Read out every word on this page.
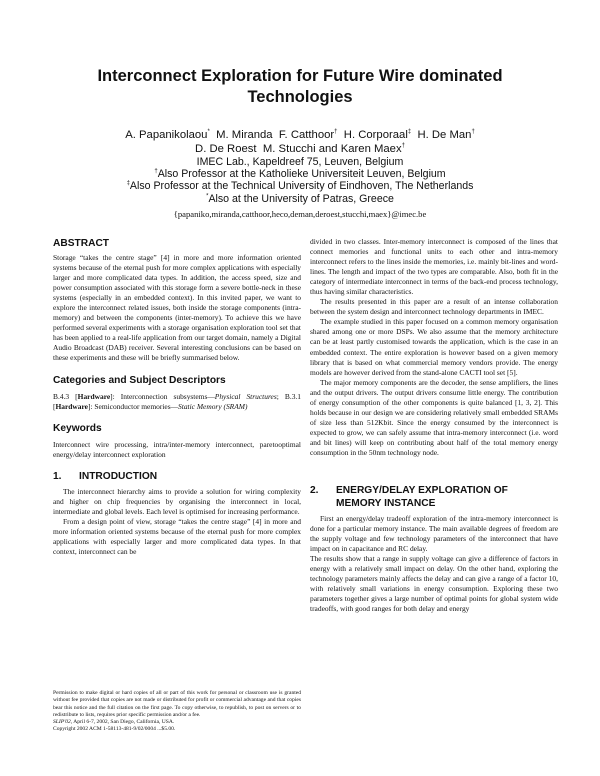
Interconnect Exploration for Future Wire dominated
Technologies
A. Papanikolaou* M. Miranda F. Catthoor† H. Corporaal‡ H. De Man†
D. De Roest M. Stucchi and Karen Maex†
IMEC Lab., Kapeldreef 75, Leuven, Belgium
†Also Professor at the Katholieke Universiteit Leuven, Belgium
‡Also Professor at the Technical University of Eindhoven, The Netherlands
*Also at the University of Patras, Greece
{papaniko,miranda,catthoor,heco,deman,deroest,stucchi,maex}@imec.be
ABSTRACT

Storage “takes the centre stage” [4] in more and more information oriented systems because of the eternal push for more complex applications with especially larger and more complicated data types. In addition, the access speed, size and power consumption associated with this storage form a severe bottle-neck in these systems (especially in an embedded context). In this invited paper, we want to explore the interconnect related issues, both inside the storage components (intra-memory) and between the components (inter-memory). To achieve this we have performed several experiments with a storage organisation exploration tool set that has been applied to a real-life application from our target domain, namely a Digital Audio Broadcast (DAB) receiver. Several interesting conclusions can be based on these experiments and these will be briefly summarised below.

Categories and Subject Descriptors

B.4.3 [Hardware]: Interconnection subsystems—Physical Structures; B.3.1 [Hardware]: Semiconductor memories—Static Memory (SRAM)

Keywords

Interconnect wire processing, intra/inter-memory interconnect, paretooptimal energy/delay interconnect exploration

1. INTRODUCTION

The interconnect hierarchy aims to provide a solution for wiring complexity and higher on chip frequencies by organising the interconnect in local, intermediate and global levels. Each level is optimised for increasing performance.

From a design point of view, storage “takes the centre stage” [4] in more and more information oriented systems because of the eternal push for more complex applications with especially larger and more complicated data types. In that context, interconnect can be

Permission to make digital or hard copies of all or part of this work for personal or classroom use is granted without fee provided that copies are not made or distributed for profit or commercial advantage and that copies bear this notice and the full citation on the first page. To copy otherwise, to republish, to post on servers or to redistribute to lists, requires prior specific permission and/or a fee.

SLIP'02, April 6-7, 2002, San Diego, California, USA.

Copyright 2002 ACM 1-58113-481-9/02/0004 ...$5.00.

divided in two classes. Inter-memory interconnect is composed of the lines that connect memories and functional units to each other and intra-memory interconnect refers to the lines inside the memories, i.e. mainly bit-lines and word-lines. The length and impact of the two types are comparable. Also, both fit in the category of intermediate interconnect in terms of the back-end process technology, thus having similar characteristics.

The results presented in this paper are a result of an intense collaboration between the system design and interconnect technology departments in IMEC.

The example studied in this paper focused on a common memory organisation shared among one or more DSPs. We also assume that the memory architecture can be at least partly customised towards the application, which is the case in an embedded context. The entire exploration is however based on a given memory library that is based on what commercial memory vendors provide. The energy models are however derived from the stand-alone CACTI tool set [5].

The major memory components are the decoder, the sense amplifiers, the lines and the output drivers. The output drivers consume little energy. The contribution of energy consumption of the other components is quite balanced [1, 3, 2]. This holds because in our design we are considering relatively small embedded SRAMs of size less than 512Kbit. Since the energy consumed by the interconnect is expected to grow, we can safely assume that intra-memory interconnect (i.e. word and bit lines) will keep on contributing about half of the total memory energy consumption in the 50nm technology node.

2. ENERGY/DELAY EXPLORATION OF
MEMORY INSTANCE

First an energy/delay tradeoff exploration of the intra-memory interconnect is done for a particular memory instance. The main available degrees of freedom are the supply voltage and few technology parameters of the interconnect that have impact on in capacitance and RC delay.

The results show that a range in supply voltage can give a difference of factors in energy with a relatively small impact on delay. On the other hand, exploring the technology parameters mainly affects the delay and can give a range of a factor 10, with relatively small variations in energy consumption. Exploring these two parameters together gives a large number of optimal points for global system wide tradeoffs, with good ranges for both delay and energy
